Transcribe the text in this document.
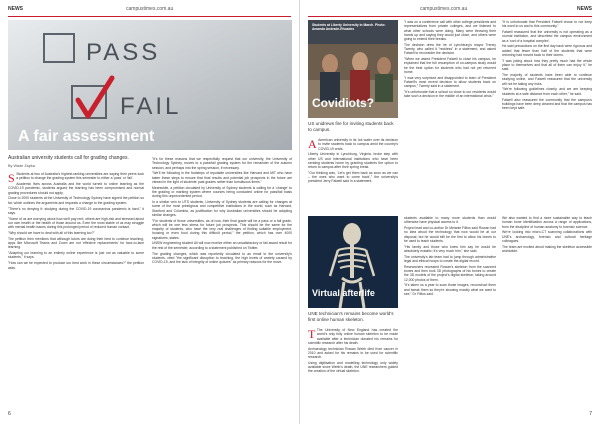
NEWS	campustimes.com.au
PASS
FAIL
A fair assessment
Australian university students call for grading changes.
By Wade Zapka

S Students at two of Australia's highest-ranking universities are saying their peers took a petition to change the grading system this semester to either a 'pass' or 'fail'.

Academic lives across Australia and the world turned to online learning as the COVID-19 pandemic, students argued the learning has been compromised and normal grading procedures should not apply.

Close to 2000 students at the University of Technology Sydney have signed the petition so far, which outlines the arguments and requests a change to the grading system.

"There's no denying it: studying during the COVID-19 coronavirus pandemic is hard," it says.

"Some of us are worrying about how we'll pay rent; others are high-risk and stressed about our own health or the health of those around us. Even the most stable of us may struggle with mental health issues during this prolonged period of reduced human contact.

"Why should we have to deal with all of this learning too?"

The petition then mentions that although tutors are doing their best to continue teaching, apps like Microsoft Teams and Zoom are not 'effective replacements' for face-to-face learning.

"Adapting our learning to an entirely online experience is just not as valuable to some students," it says.

"How can we be expected to produce our best work in these circumstances?" the petition asks.

"It's for these reasons that we respectfully request that our university, the University of Technology Sydney, moves to a pass/fail grading system for the remainder of the autumn session, and perhaps into the spring session, if necessary.

"We'll be following in the footsteps of reputable universities like Harvard and MIT who have taken these steps to ensure that final results and potential job prospects in the future are viewed in the light of students' past grades rather than tumultuous times."

Meanwhile, a petition circulated by University of Sydney students is calling for a 'change' to the grading or marking system where courses being conducted online for pass/fail basis during this unprecedented period.

In a similar vein to UTS students, University of Sydney students are calling for changes at some of the most prestigious and competitive institutions in the world, such as Harvard, Stanford and Columbia, as justification for why Australian universities should be adopting similar changes.

"For students of those universities, as of now, their final grade will be a pass or a fail grade, which will be one less stress for future job prospects. This should be the same for the majority of students, who have the very real challenges of finding suitable employment, housing or even food during this difficult period," the petition, which has over 4000 signatures, states.

UNSW engineering student Ali will now receive either an unsatisfactory or fail award result for the rest of the semester, according to a statement published on Twitter.

The grading changes, which was reportedly circulated to an email to the university's students, cited "the significant disruption to teaching, the high levels of anxiety caused by COVID-19, and the lack of integrity of online quizzes" as primary reasons for the move.

6
campustimes.com.au	NEWS
Students at Liberty University in March. Photo: Amanda Andrade-Rhoades
Covidiots?
US unidrews fire for inviting students back to campus.

A American university in its hot water over its decision to invite students back to campus amid the country's COVID-19 crisis.

Liberty University in Lynchburg, Virginia, broke step with other US and International institutions who have been sending students home by granting students the option to return to campus after their spring break.

"Our thinking was, 'Let's get them back as soon as we can – the ones who want to come back'," the university's president Jerry Falwell said in a statement.

"I was on a conference call with other college presidents and representatives from private colleges, and we listened to what other schools were doing. Many were throwing their hands up and saying they would just close, and others were going to extend their breaks.

The decision drew the ire of Lynchburg's mayor Treney Twenty, who called it "reckless" in a statement, and asked Falwell to reconsider the decision.

"When we asked President Falwell to close his campus, he explained that the full resumption of on-campus study would be the best option for students who had not yet returned home.

"I was very surprised and disappointed to learn of President Falwell's most recent decision to allow students back on campus," Twenty said in a statement.

"It's unfortunate that a school so close to our residents would take such a decision in the middle of an international crisis."

"It is unfortunate that President Falwell chose to not keep his word to us and to this community."

Falwell reassured that the university is not operating as a normal institution, and described the campus environment as a 'sort of a hospital complex'.

He said precautions on the first day back were rigorous and added that fewer than half of the students that were returning had moved back to their dorms.

"I was joking about how they pretty much had the whole place to themselves and that all of them can enjoy it," he said.

The majority of students have been able to continue studying online, and Falwell reassured that the university will not be taking any risks.

"We're following guidelines closely, and we are keeping students at a safe distance from each other," he said.

Falwell also reassured the community that the campus's buildings have been deep cleaned and that the campus has been kept safe.

Virtual afterlife
UNE technician's remains become world's first online human skeleton.

T The University of New England has created the world's only fully online human skeleton to be made available after a technician donated his remains for scientific research after his death.

Archaeology technician Rowan Webb died from cancer in 2010 and asked for his remains to be used for scientific research.

Using digitisation and modelling technology only widely available since Webb's death, the UNE researchers guided the creation of the virtual skeleton.

students available to many more students than would otherwise have physical access to it.

Project lead and co-author Dr Melanie Fillios said Rowan had no idea about the technology that now would be at our disposal, but he would still be the first to allow his bones to be used to teach students.

"His family and those who knew him say he would be absolutely ecstatic; it's very much him," she said.

The university's lab team had to jump through administrative legal and ethical hoops to create the digital record.

Researchers recreated Rowan's skeleton from the scanned bones and then took 3D photographs of his bones to create the 3D models of the project's digital skeleton, taking around 12,000 photos of them.

"It's taken us a year to scan those images, reconstruct them and tweak them so they're showing exactly what we want to see," Dr Fillios said.

We also wanted to find a more sustainable way to teach human bone identification across a range of applications, from the discipline of human anatomy to forensic science.

We're looking into micro-CT scanning collaborations with UNE's archaeology, forensic and cultural heritage colleagues.

The team are excited about making the skeleton accessible worldwide.

7
